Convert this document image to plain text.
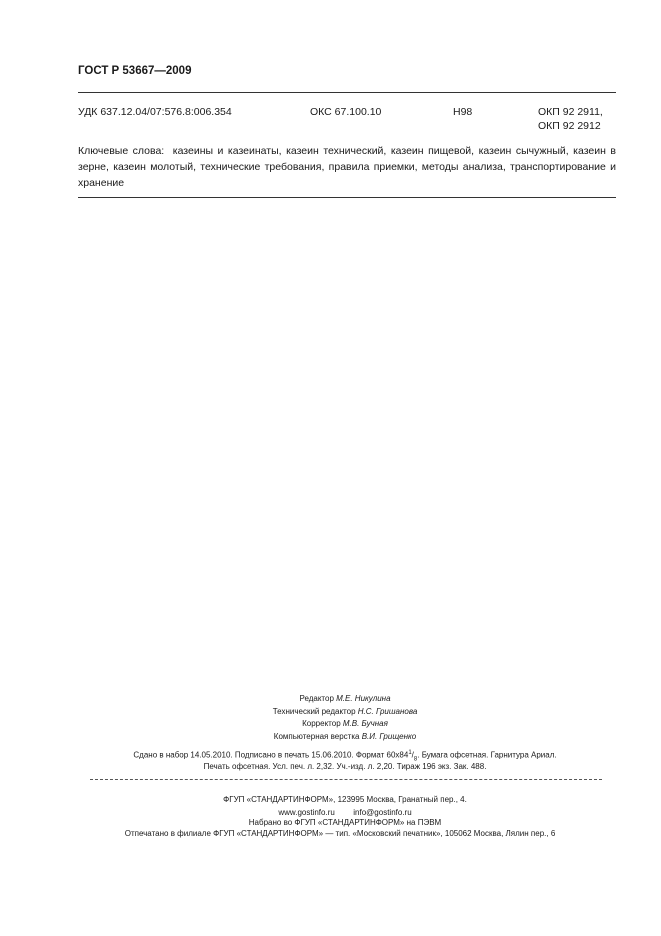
ГОСТ Р 53667—2009
УДК 637.12.04/07:576.8:006.354	ОКС 67.100.10	Н98	ОКП 92 2911,
ОКП 92 2912
Ключевые слова: казеины и казеинаты, казеин технический, казеин пищевой, казеин сычужный, казеин в зерне, казеин молотый, технические требования, правила приемки, методы анализа, транспортирование и хранение
Редактор М.Е. Никулина
Технический редактор Н.С. Гришанова
Корректор М.В. Бучная
Компьютерная верстка В.И. Грищенко
Сдано в набор 14.05.2010. Подписано в печать 15.06.2010. Формат $60x84^1/_8$. Бумага офсетная. Гарнитура Ариал.
Печать офсетная. Усл. печ. л. 2,32. Уч.-изд. л. 2,20. Тираж 196 экз. Зак. 488.
ФГУП «СТАНДАРТИНФОРМ», 123995 Москва, Гранатный пер., 4.
www.gostinfo.ru info@gostinfo.ru
Набрано во ФГУП «СТАНДАРТИНФОРМ» на ПЭВМ
Отпечатано в филиале ФГУП «СТАНДАРТИНФОРМ» — тип. «Московский печатник», 105062 Москва, Лялин пер., 6
